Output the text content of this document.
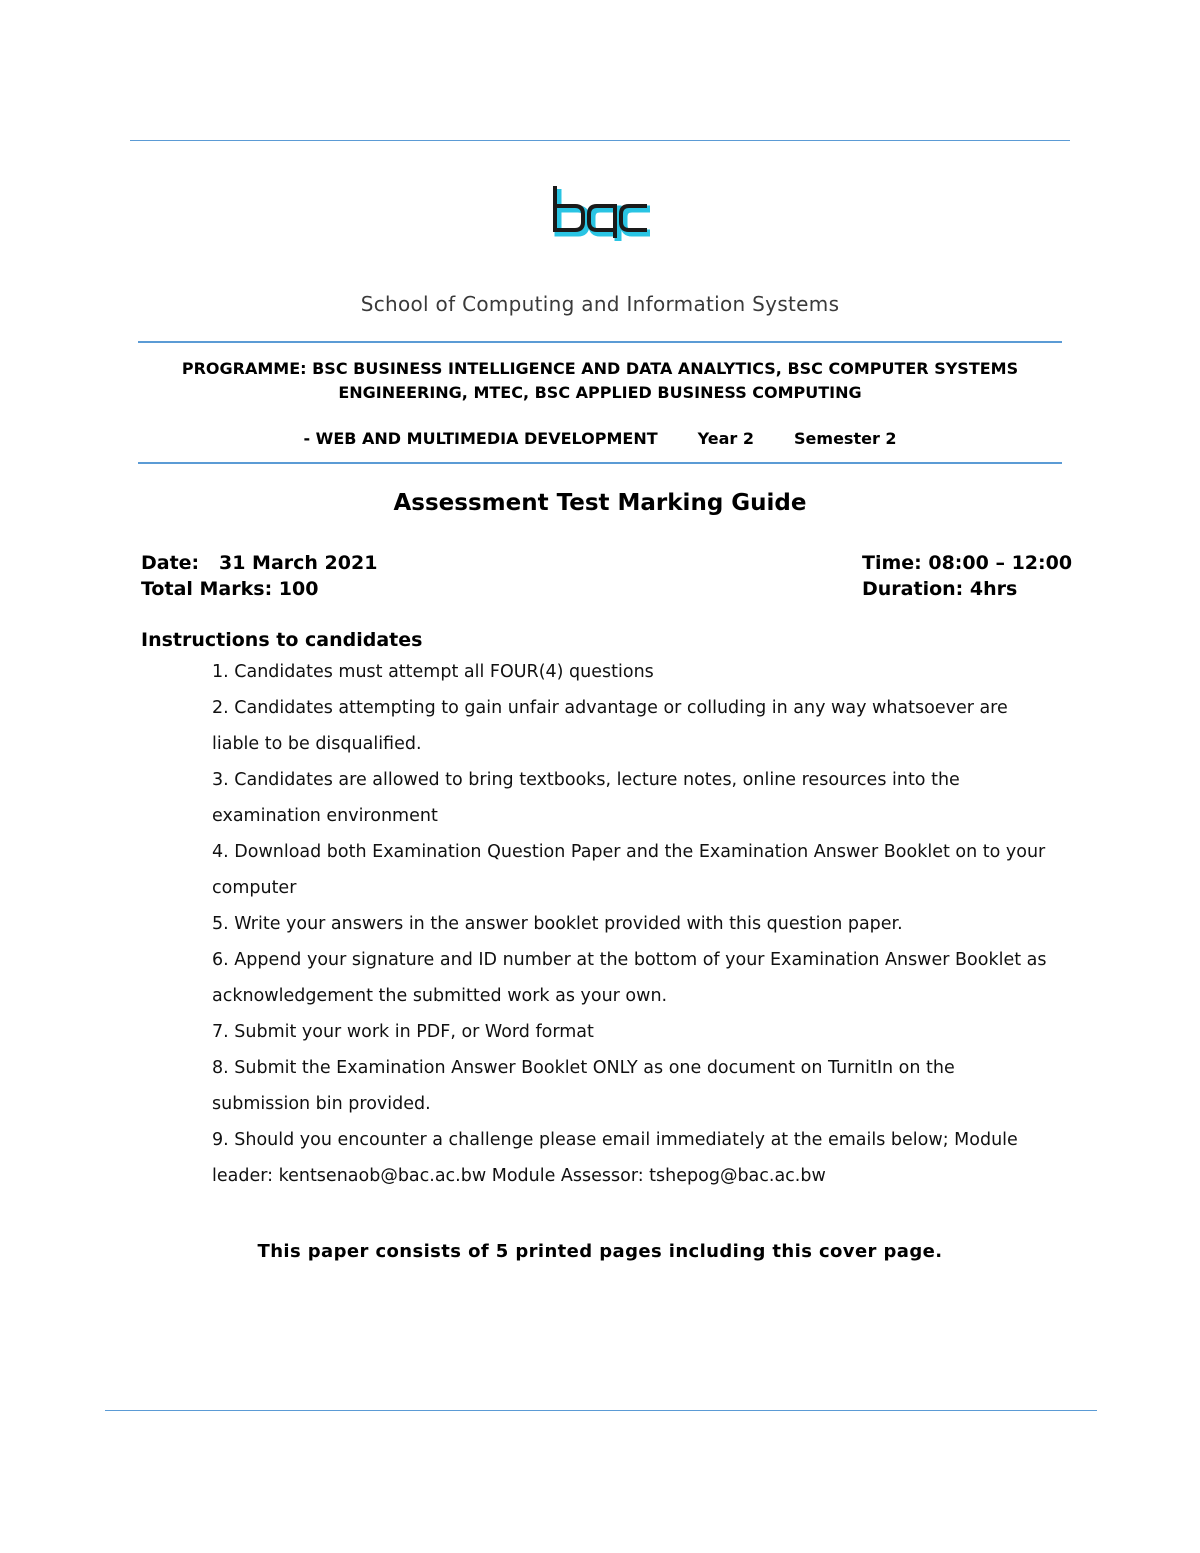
School of Computing and Information Systems
PROGRAMME: BSC BUSINESS INTELLIGENCE AND DATA ANALYTICS, BSC COMPUTER SYSTEMS ENGINEERING, MTEC, BSC APPLIED BUSINESS COMPUTING
- WEB AND MULTIMEDIA DEVELOPMENT	Year 2	Semester 2
Assessment Test Marking Guide
Date:   31 March 2021
Total Marks: 100
Time: 08:00 – 12:00
Duration: 4hrs
Instructions to candidates
1. Candidates must attempt all FOUR(4) questions
2. Candidates attempting to gain unfair advantage or colluding in any way whatsoever are liable to be disqualified.
3. Candidates are allowed to bring textbooks, lecture notes, online resources into the examination environment
4. Download both Examination Question Paper and the Examination Answer Booklet on to your computer
5. Write your answers in the answer booklet provided with this question paper.
6. Append your signature and ID number at the bottom of your Examination Answer Booklet as acknowledgement the submitted work as your own.
7. Submit your work in PDF, or Word format
8. Submit the Examination Answer Booklet ONLY as one document on TurnitIn on the submission bin provided.
9. Should you encounter a challenge please email immediately at the emails below; Module leader: kentsenaob@bac.ac.bw Module Assessor: tshepog@bac.ac.bw
This paper consists of 5 printed pages including this cover page.
